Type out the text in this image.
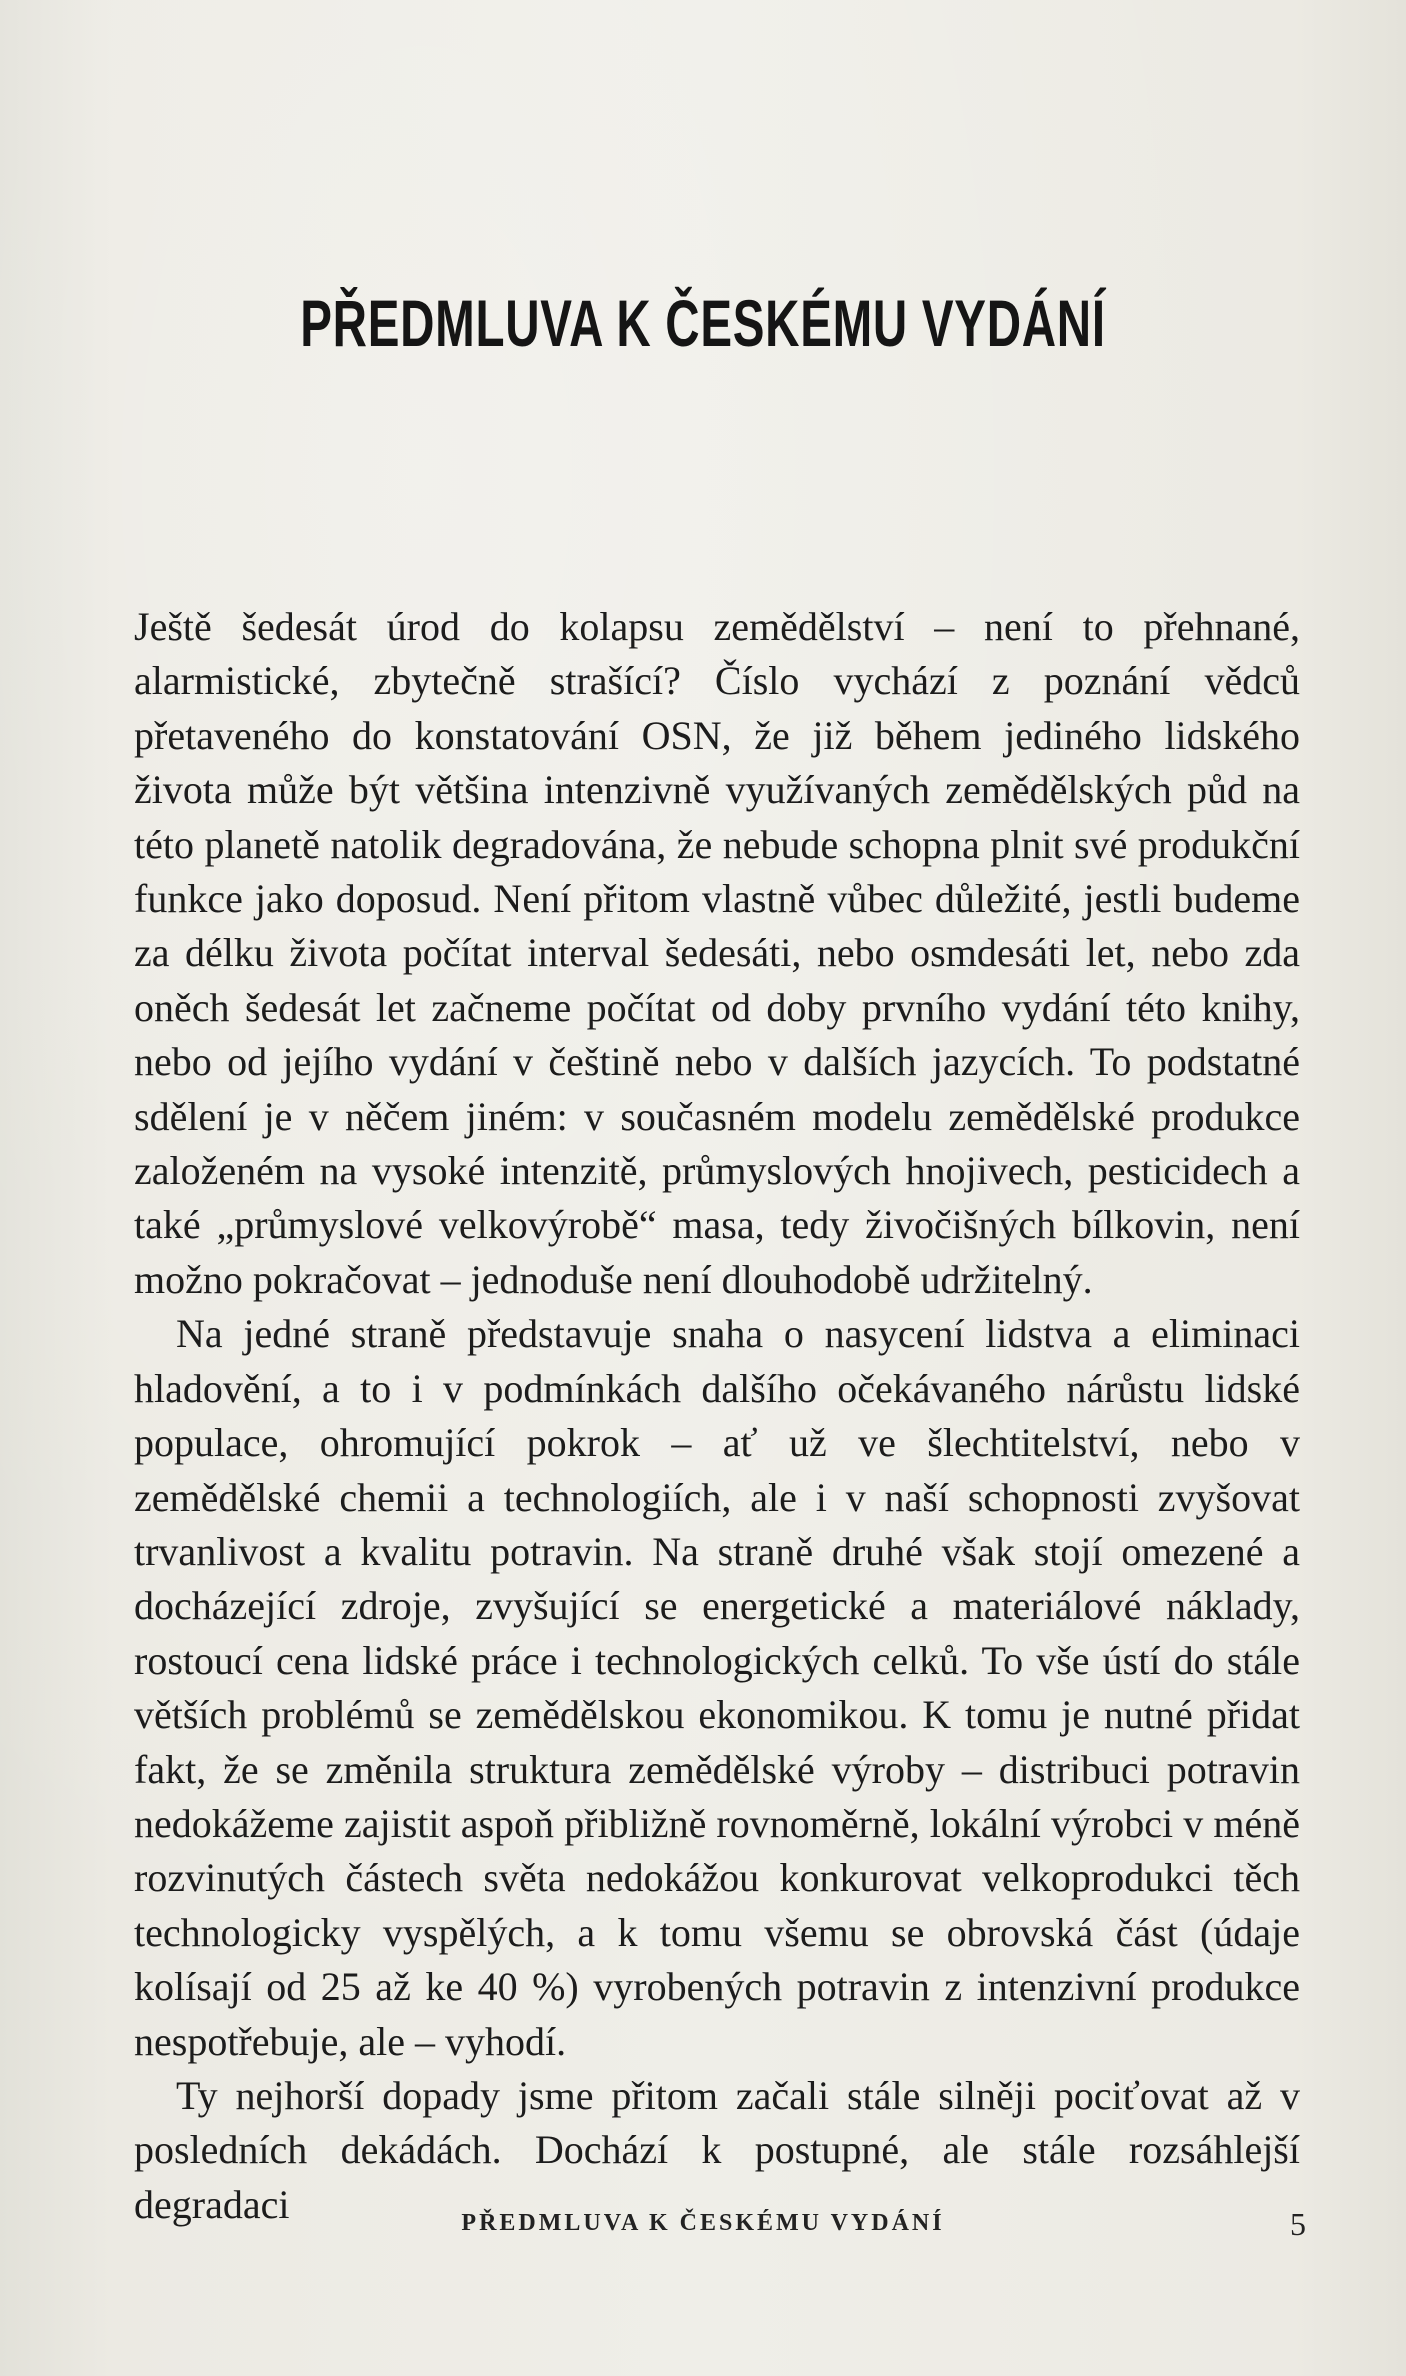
PŘEDMLUVA K ČESKÉMU VYDÁNÍ

Ještě šedesát úrod do kolapsu zemědělství – není to přehnané, alarmistické, zbytečně strašící? Číslo vychází z poznání vědců přetaveného do konstatování OSN, že již během jediného lidského života může být většina intenzivně využívaných zemědělských půd na této planetě natolik degradována, že nebude schopna plnit své produkční funkce jako doposud. Není přitom vlastně vůbec důležité, jestli budeme za délku života počítat interval šedesáti, nebo osmdesáti let, nebo zda oněch šedesát let začneme počítat od doby prvního vydání této knihy, nebo od jejího vydání v češtině nebo v dalších jazycích. To podstatné sdělení je v něčem jiném: v současném modelu zemědělské produkce založeném na vysoké intenzitě, průmyslových hnojivech, pesticidech a také „průmyslové velkovýrobě“ masa, tedy živočišných bílkovin, není možno pokračovat – jednoduše není dlouhodobě udržitelný.

Na jedné straně představuje snaha o nasycení lidstva a eliminaci hladovění, a to i v podmínkách dalšího očekávaného nárůstu lidské populace, ohromující pokrok – ať už ve šlechtitelství, nebo v zemědělské chemii a technologiích, ale i v naší schopnosti zvyšovat trvanlivost a kvalitu potravin. Na straně druhé však stojí omezené a docházející zdroje, zvyšující se energetické a materiálové náklady, rostoucí cena lidské práce i technologických celků. To vše ústí do stále větších problémů se zemědělskou ekonomikou. K tomu je nutné přidat fakt, že se změnila struktura zemědělské výroby – distribuci potravin nedokážeme zajistit aspoň přibližně rovnoměrně, lokální výrobci v méně rozvinutých částech světa nedokážou konkurovat velkoprodukci těch technologicky vyspělých, a k tomu všemu se obrovská část (údaje kolísají od 25 až ke 40 %) vyrobených potravin z intenzivní produkce nespotřebuje, ale – vyhodí.

Ty nejhorší dopady jsme přitom začali stále silněji pociťovat až v posledních dekádách. Dochází k postupné, ale stále rozsáhlejší degradaci	PŘEDMLUVA K ČESKÉMU VYDÁNÍ	5
